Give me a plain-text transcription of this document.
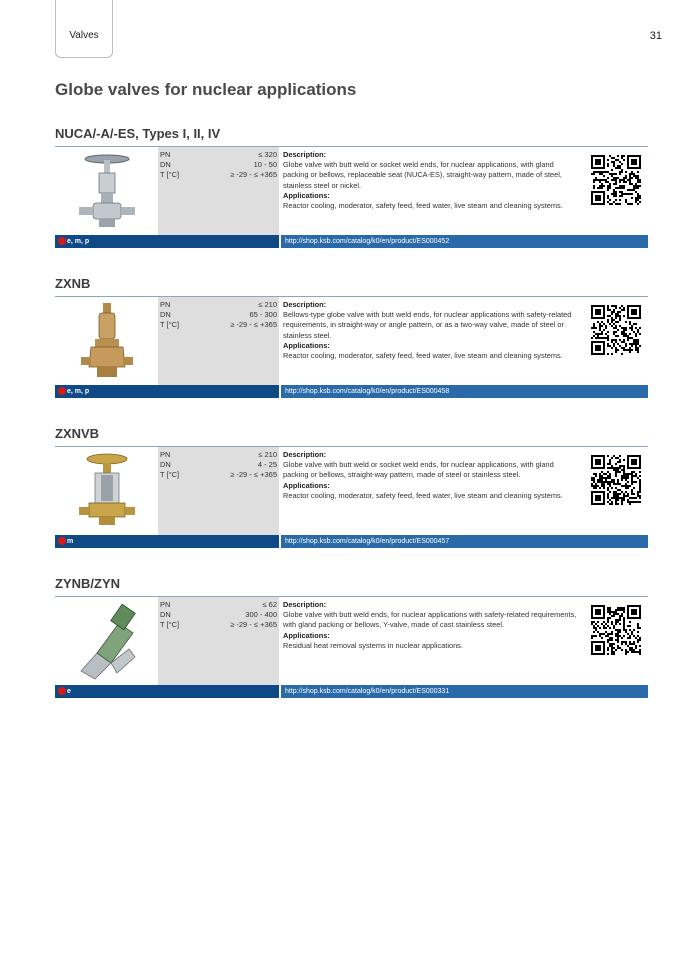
Valves	31
Globe valves for nuclear applications
NUCA/-A/-ES, Types I, II, IV
PN	≤ 320
DN	10 - 50
T [°C]	≥ -29 - ≤ +365
Description:
Globe valve with butt weld or socket weld ends, for nuclear applications, with gland packing or bellows, replaceable seat (NUCA-ES), straight-way pattern, made of steel, stainless steel or nickel.
Applications:
Reactor cooling, moderator, safety feed, feed water, live steam and cleaning systems.
e, m, p	http://shop.ksb.com/catalog/k0/en/product/ES000452
ZXNB
PN	≤ 210
DN	65 - 300
T [°C]	≥ -29 - ≤ +365
Description:
Bellows-type globe valve with butt weld ends, for nuclear applications with safety-related requirements, in straight-way or angle pattern, or as a two-way valve, made of steel or stainless steel.
Applications:
Reactor cooling, moderator, safety feed, feed water, live steam and cleaning systems.
e, m, p	http://shop.ksb.com/catalog/k0/en/product/ES000458
ZXNVB
PN	≤ 210
DN	4 - 25
T [°C]	≥ -29 - ≤ +365
Description:
Globe valve with butt weld or socket weld ends, for nuclear applications, with gland packing or bellows, straight-way pattern, made of steel or stainless steel.
Applications:
Reactor cooling, moderator, safety feed, feed water, live steam and cleaning systems.
m	http://shop.ksb.com/catalog/k0/en/product/ES000457
ZYNB/ZYN
PN	≤ 62
DN	300 - 400
T [°C]	≥ -29 - ≤ +365
Description:
Globe valve with butt weld ends, for nuclear applications with safety-related requirements, with gland packing or bellows, Y-valve, made of cast stainless steel.
Applications:
Residual heat removal systems in nuclear applications.
e	http://shop.ksb.com/catalog/k0/en/product/ES000331
